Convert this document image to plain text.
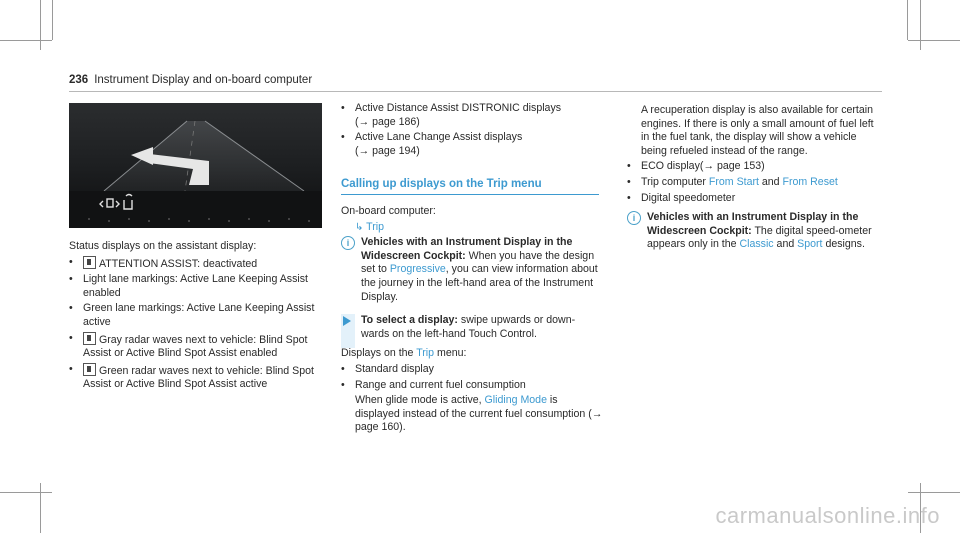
236 Instrument Display and on-board computer
Status displays on the assistant display:
• ATTENTION ASSIST: deactivated
• Light lane markings: Active Lane Keeping Assist enabled
• Green lane markings: Active Lane Keeping Assist active
• Gray radar waves next to vehicle: Blind Spot Assist or Active Blind Spot Assist enabled
• Green radar waves next to vehicle: Blind Spot Assist or Active Blind Spot Assist active
• Active Distance Assist DISTRONIC displays
(→ page 186)
• Active Lane Change Assist displays
(→ page 194)
Calling up displays on the Trip menu
On-board computer:
↳ Trip
i	Vehicles with an Instrument Display in the Widescreen Cockpit: When you have the design set to Progressive, you can view information about the journey in the left-hand area of the Instrument Display.
To select a display: swipe upwards or down-wards on the left-hand Touch Control.
Displays on the Trip menu:
• Standard display
• Range and current fuel consumption
When glide mode is active, Gliding Mode is displayed instead of the current fuel consumption (→ page 160).
A recuperation display is also available for certain engines. If there is only a small amount of fuel left in the fuel tank, the display will show a vehicle being refueled instead of the range.
• ECO display(→ page 153)
• Trip computer From Start and From Reset
• Digital speedometer
i	Vehicles with an Instrument Display in the Widescreen Cockpit: The digital speed-ometer appears only in the Classic and Sport designs.
carmanualsonline.info
